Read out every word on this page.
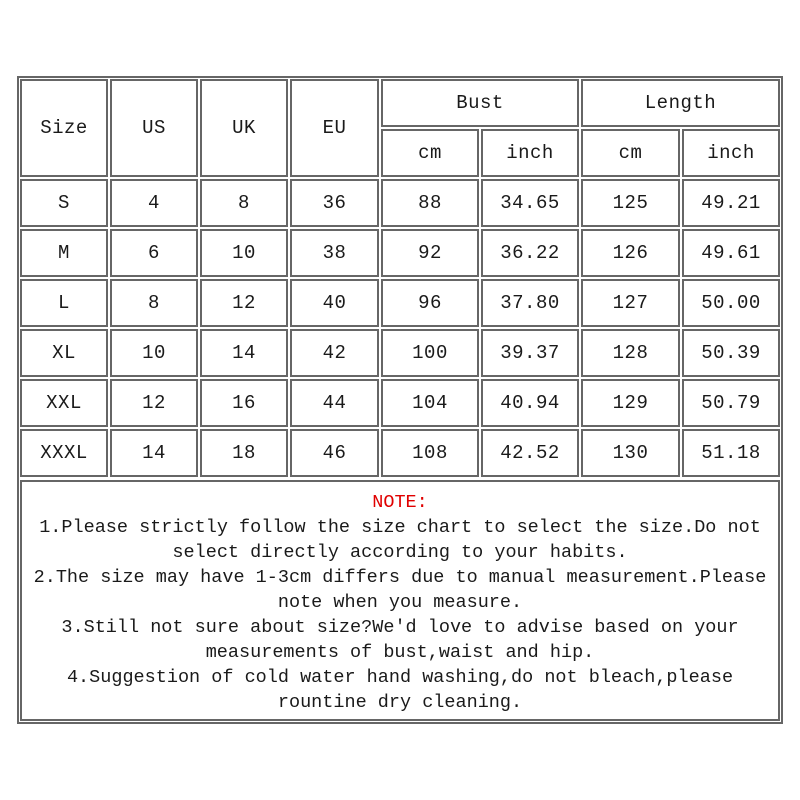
Size	US	UK	EU
Bust	Length
cm	inch	cm	inch
S	4	8	36	88	34.65	125	49.21
M	6	10	38	92	36.22	126	49.61
L	8	12	40	96	37.80	127	50.00
XL	10	14	42	100	39.37	128	50.39
XXL	12	16	44	104	40.94	129	50.79
XXXL	14	18	46	108	42.52	130	51.18
NOTE:
1.Please strictly follow the size chart to select the size.Do not
select directly according to your habits.
2.The size may have 1-3cm differs due to manual measurement.Please
note when you measure.
3.Still not sure about size?We'd love to advise based on your
measurements of bust,waist and hip.
4.Suggestion of cold water hand washing,do not bleach,please
rountine dry cleaning.
